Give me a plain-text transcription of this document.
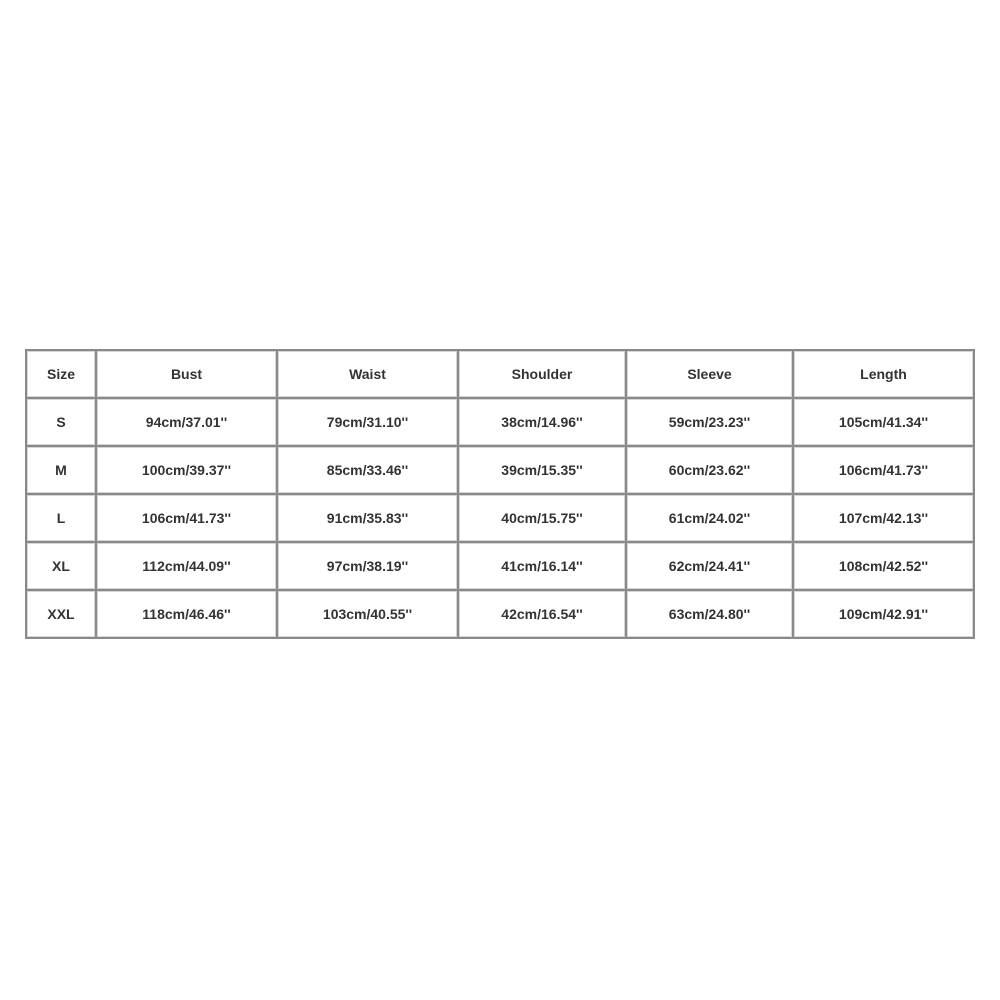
Size	Bust	Waist	Shoulder	Sleeve	Length
S	94cm/37.01''	79cm/31.10''	38cm/14.96''	59cm/23.23''	105cm/41.34''
M	100cm/39.37''	85cm/33.46''	39cm/15.35''	60cm/23.62''	106cm/41.73''
L	106cm/41.73''	91cm/35.83''	40cm/15.75''	61cm/24.02''	107cm/42.13''
XL	112cm/44.09''	97cm/38.19''	41cm/16.14''	62cm/24.41''	108cm/42.52''
XXL	118cm/46.46''	103cm/40.55''	42cm/16.54''	63cm/24.80''	109cm/42.91''
